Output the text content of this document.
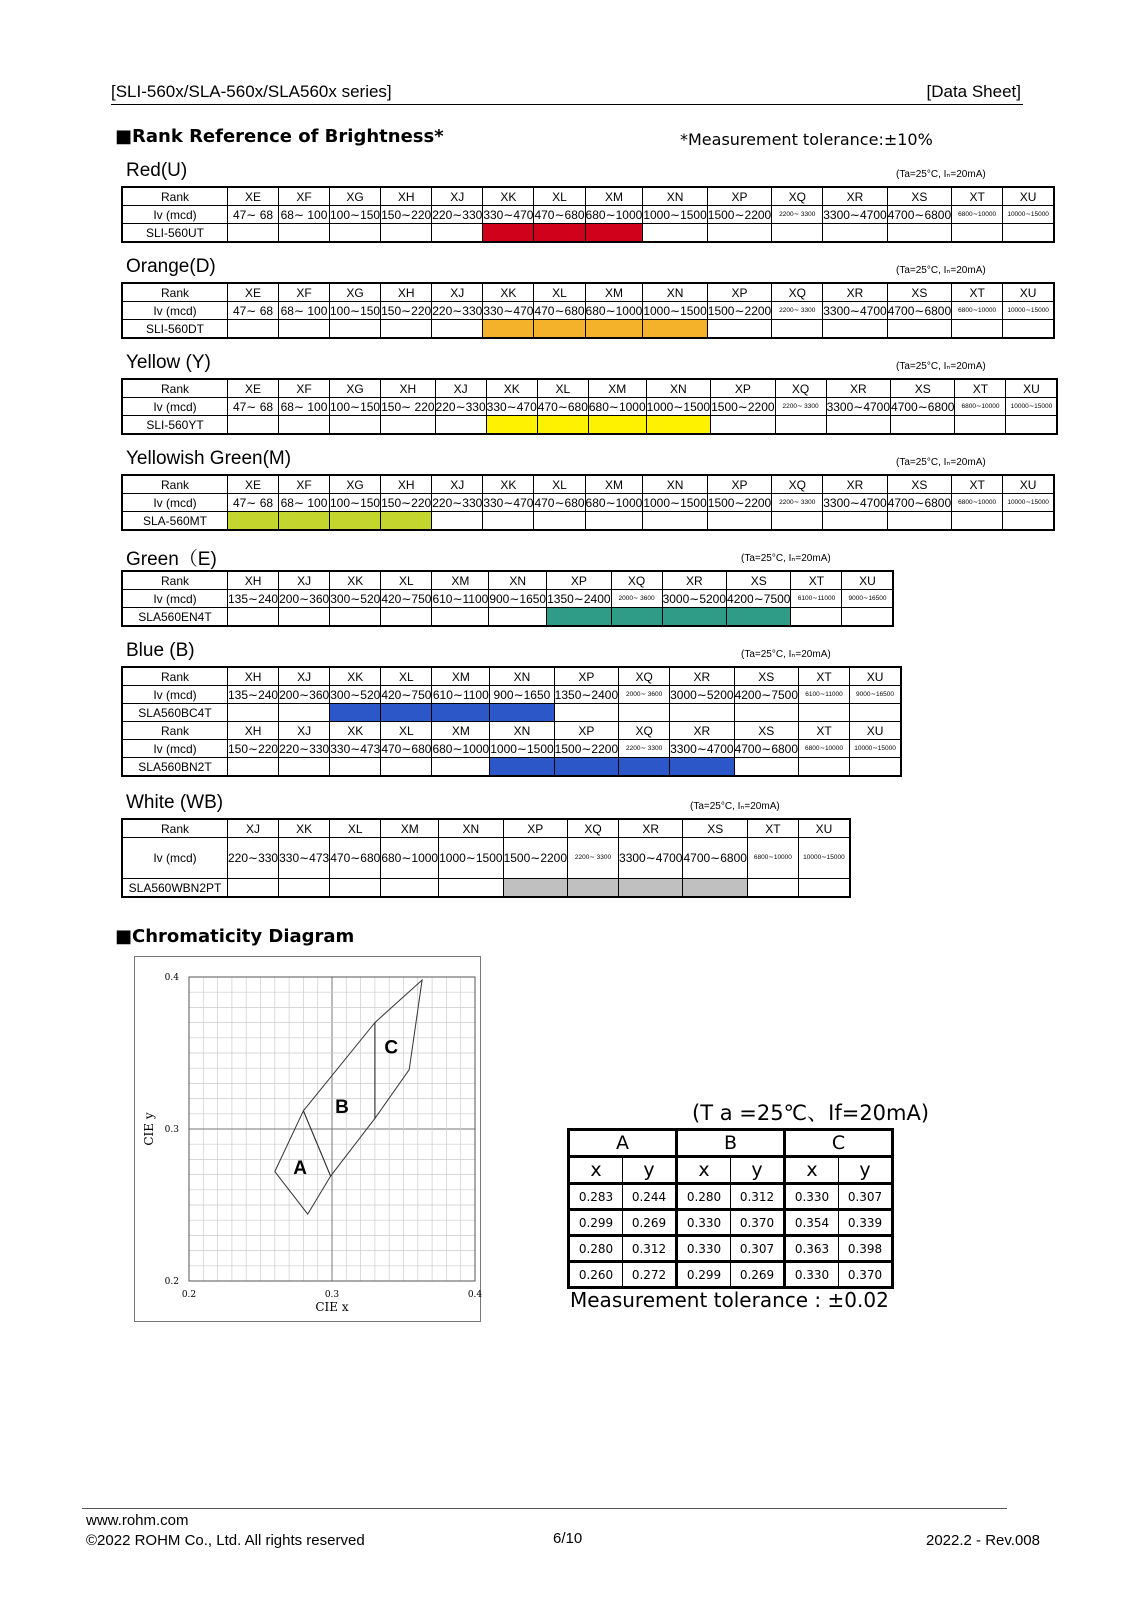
[SLI-560x/SLA-560x/SLA560x series]	[Data Sheet]
■Rank Reference of Brightness*	*Measurement tolerance:±10%
Red(U)	(Ta=25°C, Iₙ=20mA)
Rank	XE	XF	XG	XH	XJ	XK	XL	XM	XN	XP	XQ	XR	XS	XT	XU
Iv (mcd)	47∼ 68	68∼ 100	100∼150	150∼220	220∼330	330∼470	470∼680	680∼1000	1000∼1500	1500∼2200	2200∼ 3300	3300∼4700	4700∼6800	6800∼10000	10000∼15000
SLI-560UT															
Orange(D)	(Ta=25°C, Iₙ=20mA)
Rank	XE	XF	XG	XH	XJ	XK	XL	XM	XN	XP	XQ	XR	XS	XT	XU
Iv (mcd)	47∼ 68	68∼ 100	100∼150	150∼220	220∼330	330∼470	470∼680	680∼1000	1000∼1500	1500∼2200	2200∼ 3300	3300∼4700	4700∼6800	6800∼10000	10000∼15000
SLI-560DT															
Yellow (Y)	(Ta=25°C, Iₙ=20mA)
Rank	XE	XF	XG	XH	XJ	XK	XL	XM	XN	XP	XQ	XR	XS	XT	XU
Iv (mcd)	47∼ 68	68∼ 100	100∼150	150∼ 220	220∼330	330∼470	470∼680	680∼1000	1000∼1500	1500∼2200	2200∼ 3300	3300∼4700	4700∼6800	6800∼10000	10000∼15000
SLI-560YT															
Yellowish Green(M)	(Ta=25°C, Iₙ=20mA)
Rank	XE	XF	XG	XH	XJ	XK	XL	XM	XN	XP	XQ	XR	XS	XT	XU
Iv (mcd)	47∼ 68	68∼ 100	100∼150	150∼220	220∼330	330∼470	470∼680	680∼1000	1000∼1500	1500∼2200	2200∼ 3300	3300∼4700	4700∼6800	6800∼10000	10000∼15000
SLA-560MT															
Green（E)	(Ta=25°C, Iₙ=20mA)
Rank	XH	XJ	XK	XL	XM	XN	XP	XQ	XR	XS	XT	XU
Iv (mcd)	135∼240	200∼360	300∼520	420∼750	610∼1100	900∼1650	1350∼2400	2000∼ 3600	3000∼5200	4200∼7500	6100∼11000	9000∼16500
SLA560EN4T												
Blue (B)	(Ta=25°C, Iₙ=20mA)
Rank	XH	XJ	XK	XL	XM	XN	XP	XQ	XR	XS	XT	XU
Iv (mcd)	135∼240	200∼360	300∼520	420∼750	610∼1100	900∼1650	1350∼2400	2000∼ 3600	3000∼5200	4200∼7500	6100∼11000	9000∼16500
SLA560BC4T												
Rank	XH	XJ	XK	XL	XM	XN	XP	XQ	XR	XS	XT	XU
Iv (mcd)	150∼220	220∼330	330∼473	470∼680	680∼1000	1000∼1500	1500∼2200	2200∼ 3300	3300∼4700	4700∼6800	6800∼10000	10000∼15000
SLA560BN2T												
White (WB)	(Ta=25°C, Iₙ=20mA)
Rank	XJ	XK	XL	XM	XN	XP	XQ	XR	XS	XT	XU
Iv (mcd)	220∼330	330∼473	470∼680	680∼1000	1000∼1500	1500∼2200	2200∼ 3300	3300∼4700	4700∼6800	6800∼10000	10000∼15000
SLA560WBN2PT											
■Chromaticity Diagram
0.2	0.3	0.4
0.2
0.3
0.4
CIE x
CIE y
A
B
C
(T a =25℃、If=20mA)
A		B		C	
x	y	x	y	x	y
0.283	0.244	0.280	0.312	0.330	0.307
0.299	0.269	0.330	0.370	0.354	0.339
0.280	0.312	0.330	0.307	0.363	0.398
0.260	0.272	0.299	0.269	0.330	0.370
Measurement tolerance : ±0.02
www.rohm.com
©2022 ROHM Co., Ltd. All rights reserved	6/10	2022.2 - Rev.008
